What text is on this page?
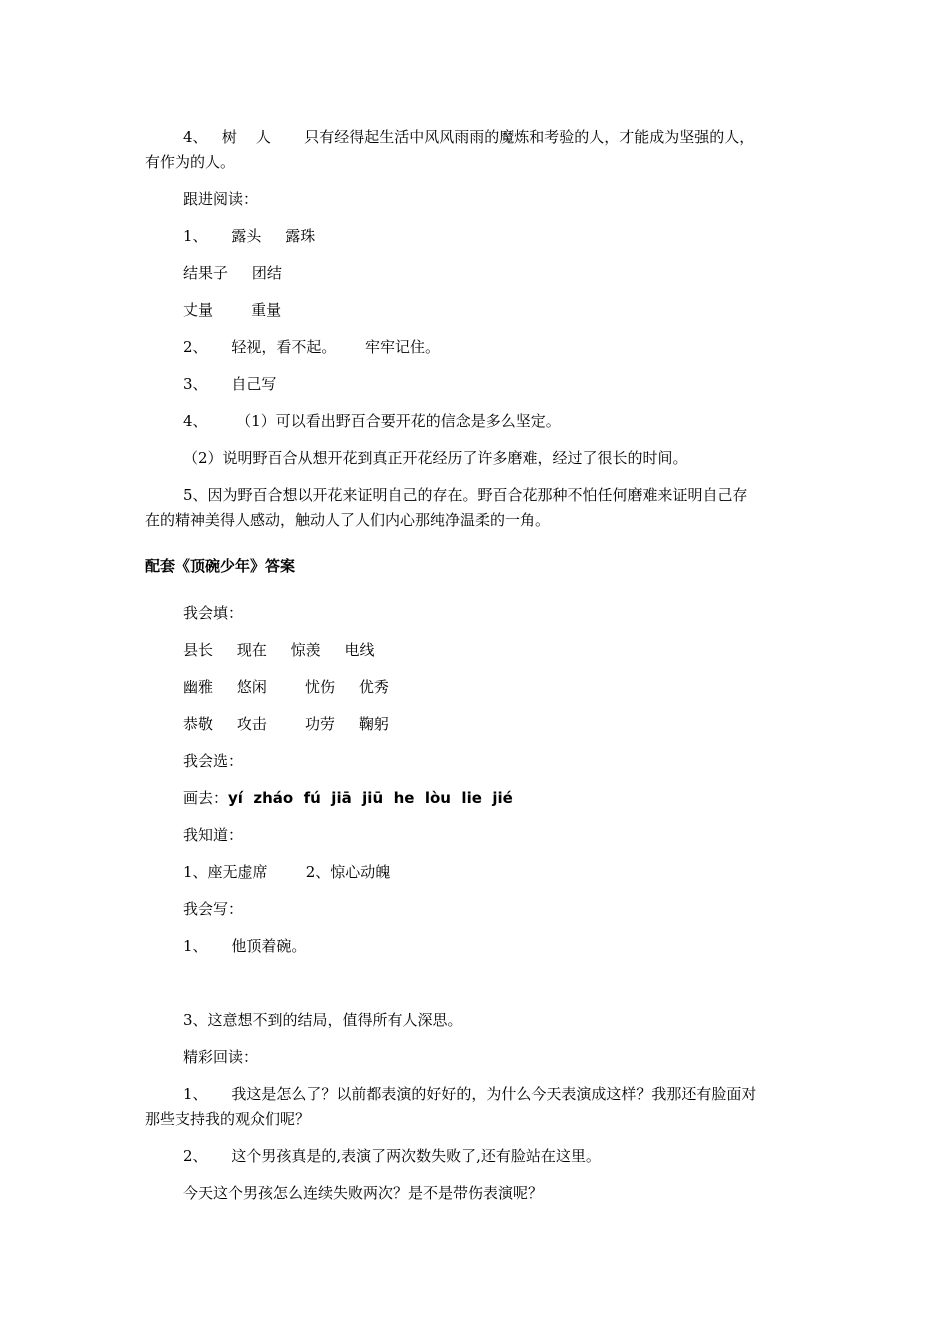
4、   树    人       只有经得起生活中风风雨雨的魔炼和考验的人，才能成为坚强的人，
有作为的人。
跟进阅读：
1、     露头     露珠
结果子     团结
丈量        重量
2、     轻视，看不起。      牢牢记住。
3、     自己写
4、      （1）可以看出野百合要开花的信念是多么坚定。
（2）说明野百合从想开花到真正开花经历了许多磨难，经过了很长的时间。
5、因为野百合想以开花来证明自己的存在。野百合花那种不怕任何磨难来证明自己存
在的精神美得人感动，触动人了人们内心那纯净温柔的一角。
配套《顶碗少年》答案
我会填：
县长     现在     惊羡     电线
幽雅     悠闲        忧伤     优秀
恭敬     攻击        功劳     鞠躬
我会选：
画去：yí  zháo  fú  jiā  jiū  he  lòu  lie  jié
我知道：
1、座无虚席        2、惊心动魄
我会写：
1、     他顶着碗。
3、这意想不到的结局，值得所有人深思。
精彩回读：
1、     我这是怎么了？以前都表演的好好的，为什么今天表演成这样？我那还有脸面对
那些支持我的观众们呢？
2、     这个男孩真是的,表演了两次数失败了,还有脸站在这里。
今天这个男孩怎么连续失败两次？是不是带伤表演呢？
